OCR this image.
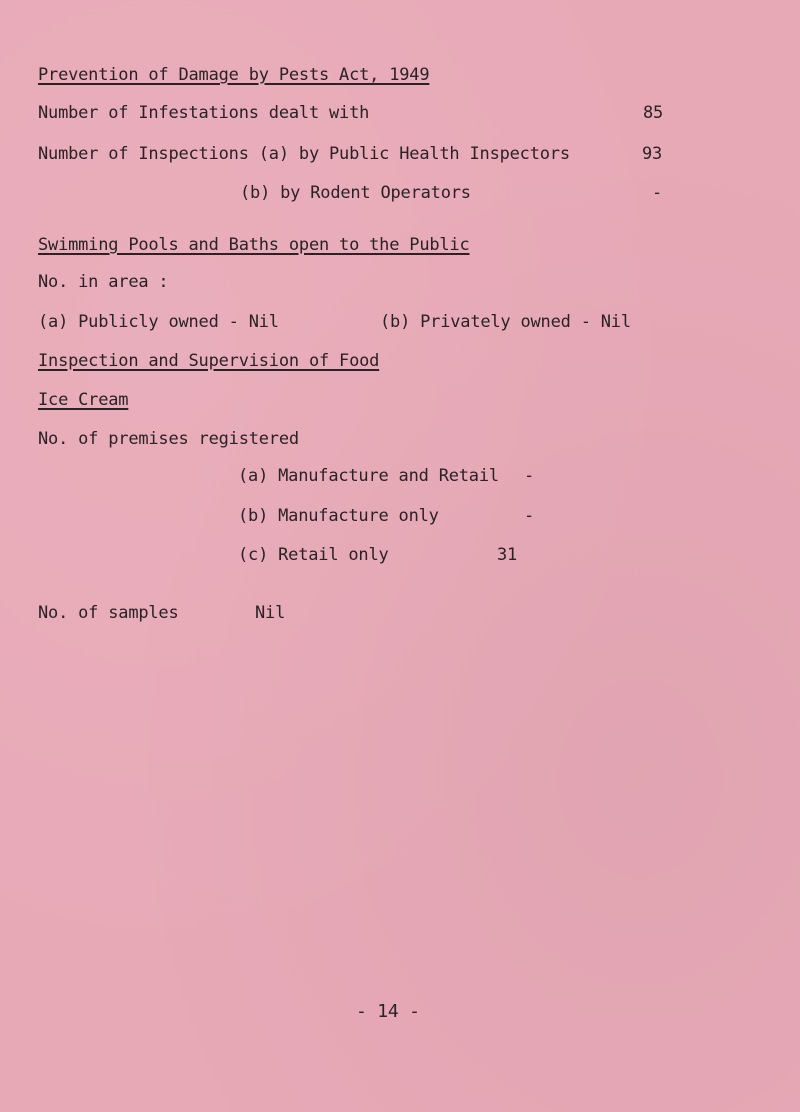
Prevention of Damage by Pests Act, 1949
Number of Infestations dealt with	85
Number of Inspections (a) by Public Health Inspectors	93
(b) by Rodent Operators	-
Swimming Pools and Baths open to the Public
No. in area :
(a) Publicly owned - Nil	(b) Privately owned - Nil
Inspection and Supervision of Food
Ice Cream
No. of premises registered
(a) Manufacture and Retail -
(b) Manufacture only	-
(c) Retail only	31
No. of samples	Nil
- 14 -
